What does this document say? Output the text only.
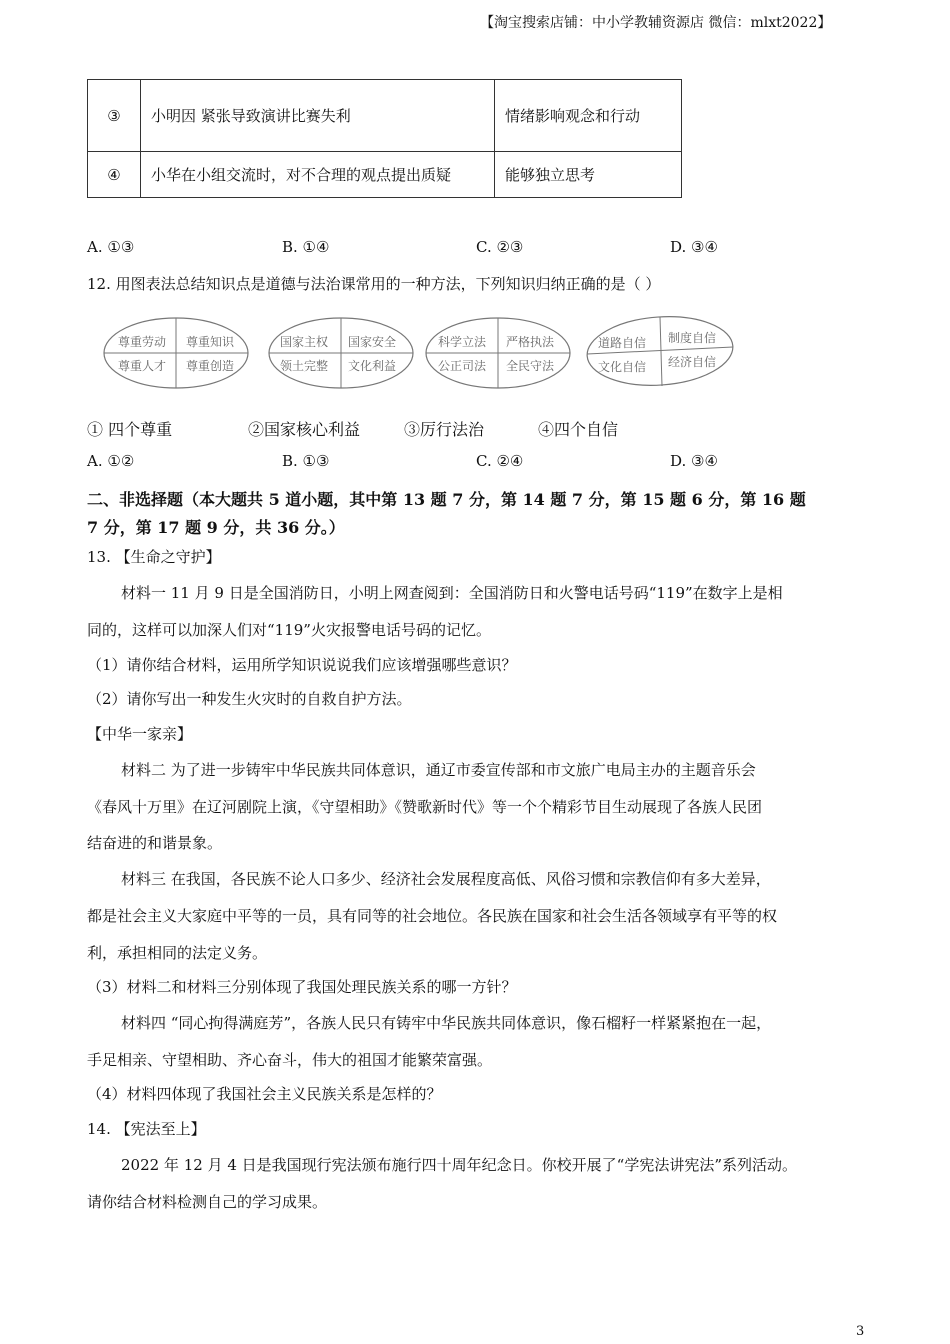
【淘宝搜索店铺：中小学教辅资源店 微信：mlxt2022】
③	小明因 紧张导致演讲比赛失利	情绪影响观念和行动
④	小华在小组交流时，对不合理的观点提出质疑	能够独立思考
A. ①③	B. ①④	C. ②③	D. ③④
12. 用图表法总结知识点是道德与法治课常用的一种方法，下列知识归纳正确的是（ ）
尊重劳动 尊重知识
尊重人才 尊重创造
国家主权 国家安全
领土完整 文化利益
科学立法 严格执法
公正司法 全民守法
道路自信 制度自信
文化自信 经济自信
① 四个尊重	②国家核心利益	③厉行法治	④四个自信
A. ①②	B. ①③	C. ②④	D. ③④
二、非选择题（本大题共 5 道小题，其中第 13 题 7 分，第 14 题 7 分，第 15 题 6 分，第 16 题
7 分，第 17 题 9 分，共 36 分。）
13. 【生命之守护】
材料一 11 月 9 日是全国消防日，小明上网查阅到：全国消防日和火警电话号码“119”在数字上是相
同的，这样可以加深人们对“119”火灾报警电话号码的记忆。
（1）请你结合材料，运用所学知识说说我们应该增强哪些意识？
（2）请你写出一种发生火灾时的自救自护方法。
【中华一家亲】
材料二 为了进一步铸牢中华民族共同体意识，通辽市委宣传部和市文旅广电局主办的主题音乐会
《春风十万里》在辽河剧院上演，《守望相助》《赞歌新时代》等一个个精彩节目生动展现了各族人民团
结奋进的和谐景象。
材料三 在我国，各民族不论人口多少、经济社会发展程度高低、风俗习惯和宗教信仰有多大差异，
都是社会主义大家庭中平等的一员，具有同等的社会地位。各民族在国家和社会生活各领域享有平等的权
利，承担相同的法定义务。
（3）材料二和材料三分别体现了我国处理民族关系的哪一方针？
材料四 “同心拘得满庭芳”，各族人民只有铸牢中华民族共同体意识，像石榴籽一样紧紧抱在一起，
手足相亲、守望相助、齐心奋斗，伟大的祖国才能繁荣富强。
（4）材料四体现了我国社会主义民族关系是怎样的？
14. 【宪法至上】
2022 年 12 月 4 日是我国现行宪法颁布施行四十周年纪念日。你校开展了“学宪法讲宪法”系列活动。
请你结合材料检测自己的学习成果。
3
